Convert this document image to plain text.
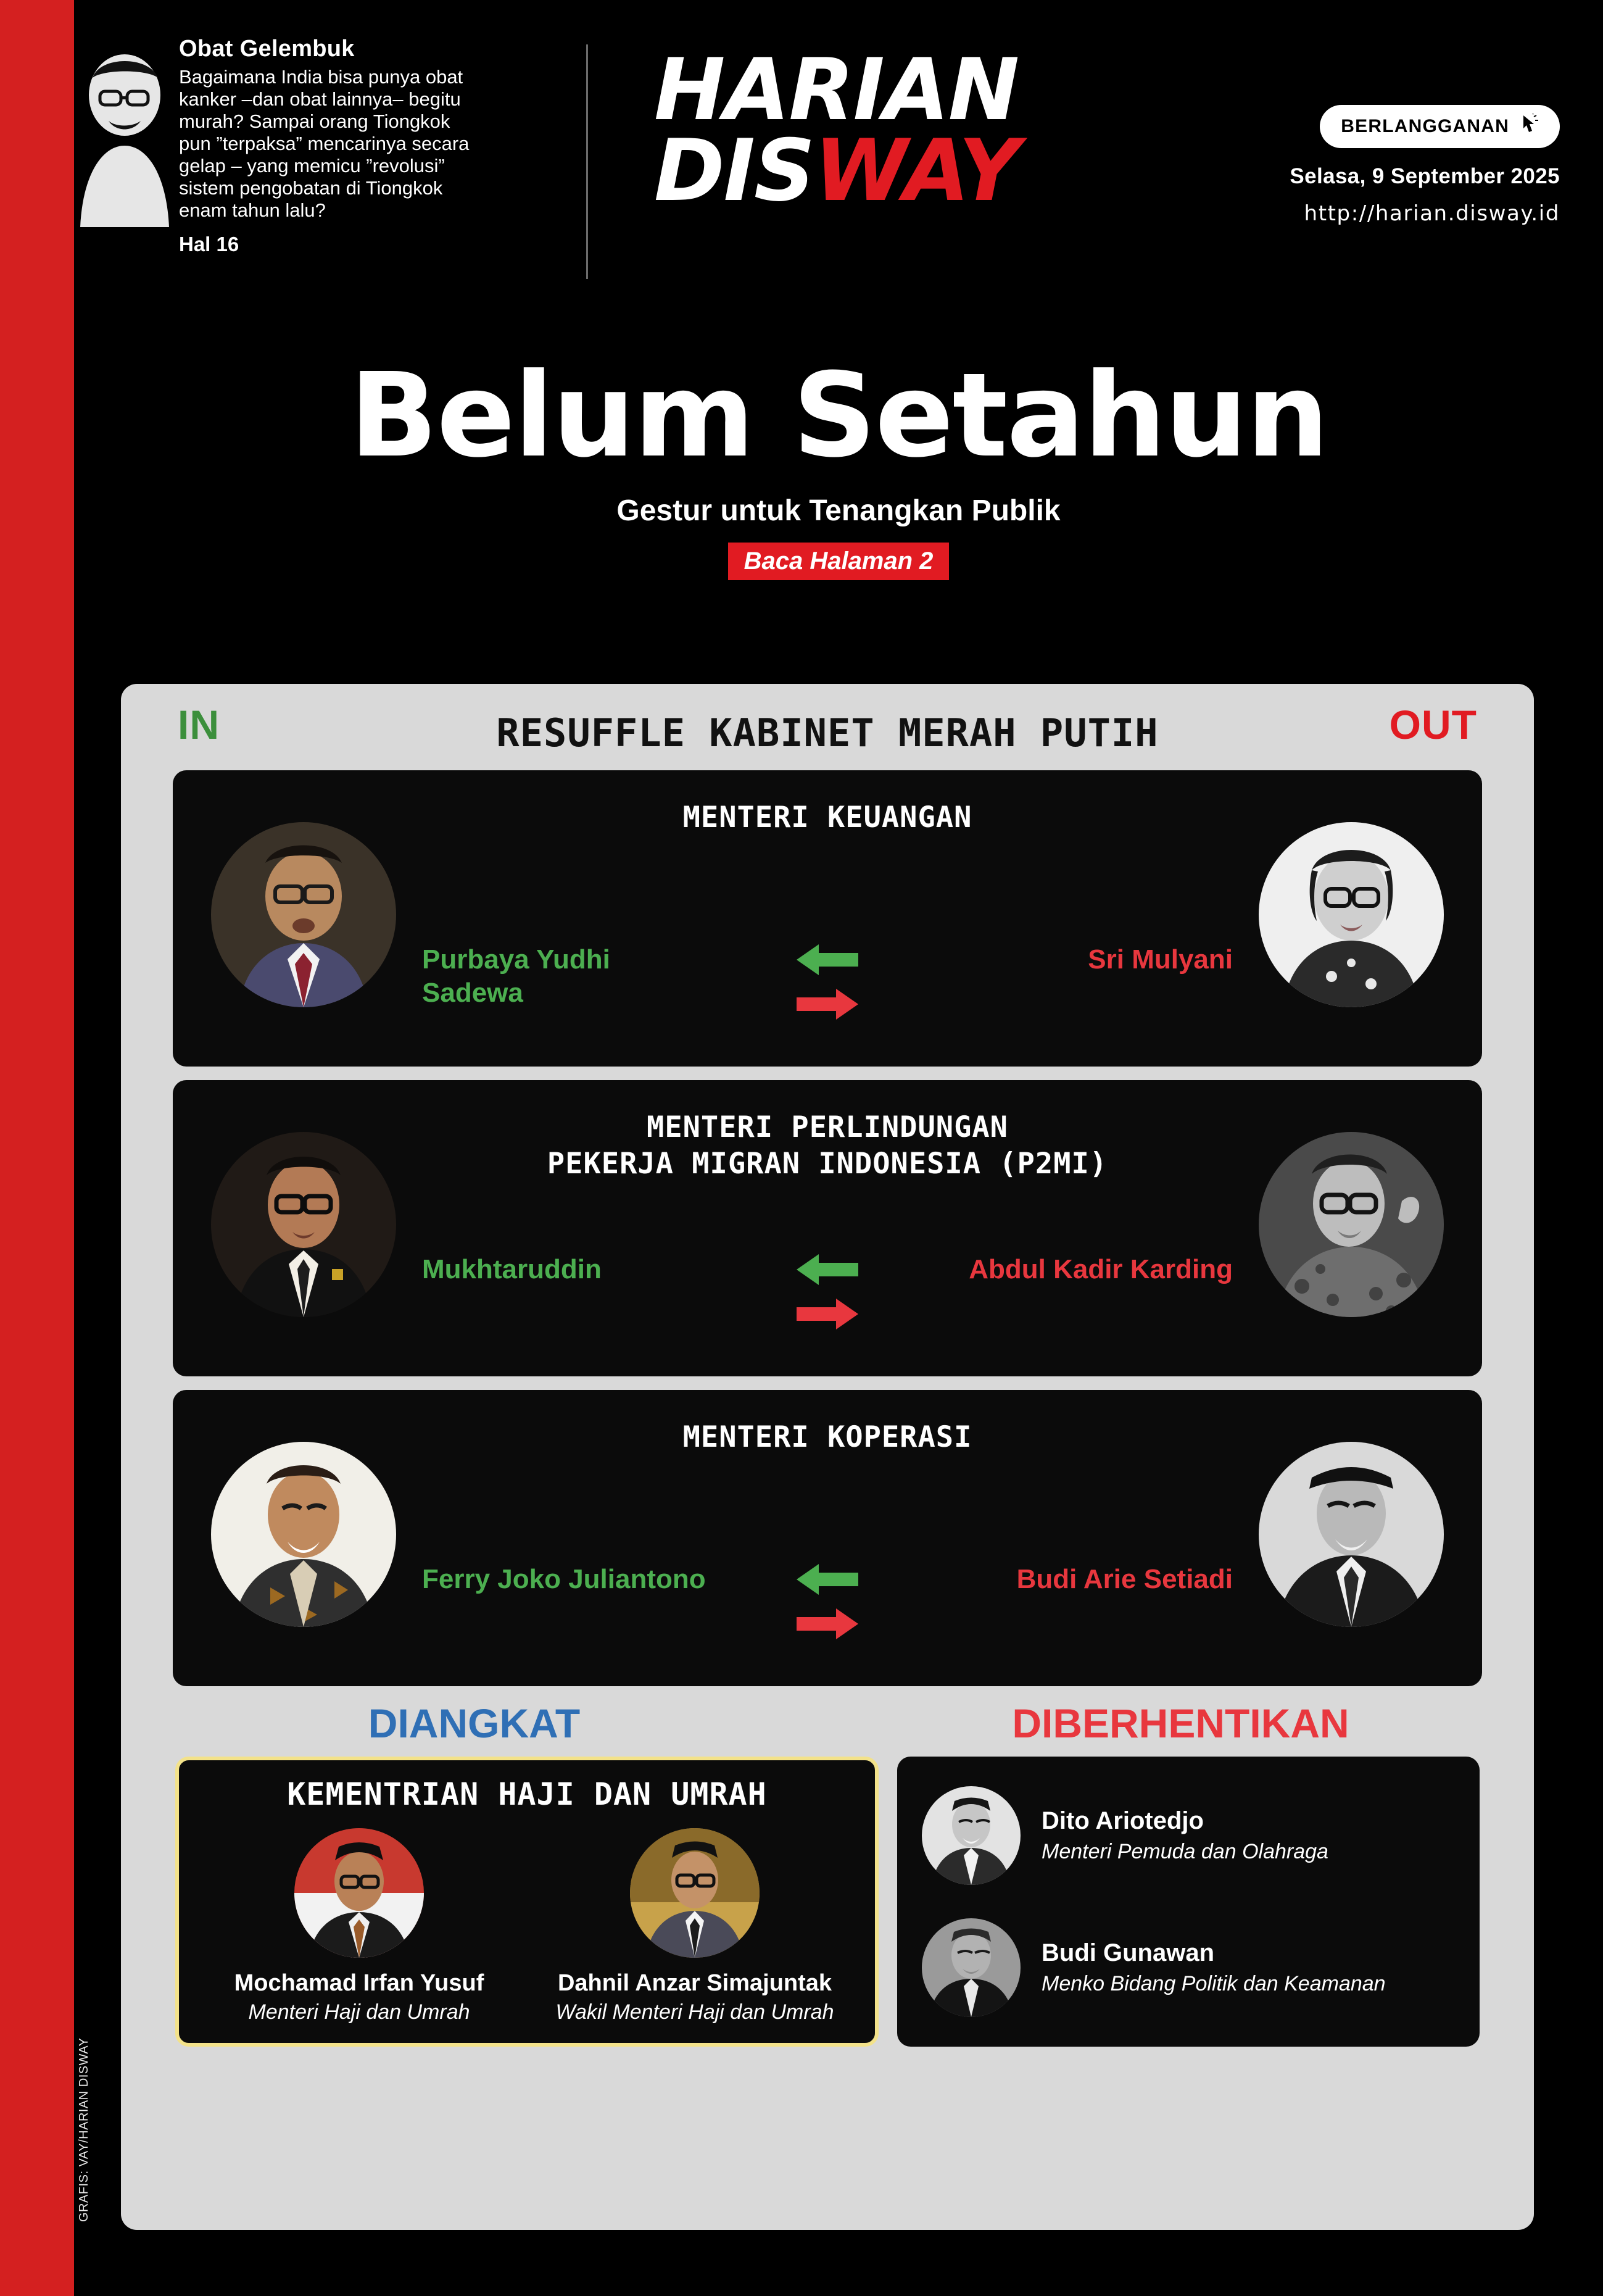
GRAFIS: VAY/HARIAN DISWAY
Obat Gelembuk
Bagaimana India bisa punya obat kanker –dan obat lainnya– begitu murah? Sampai orang Tiongkok pun ”terpaksa” mencarinya secara gelap – yang memicu ”revolusi” sistem pengobatan di Tiongkok enam tahun lalu?
Hal 16
HARIAN
DISWAY	BERLANGGANAN
Selasa, 9 September 2025
http://harian.disway.id
Belum Setahun
Gestur untuk Tenangkan Publik
Baca Halaman 2
IN	RESUFFLE KABINET MERAH PUTIH	OUT
MENTERI KEUANGAN
Purbaya Yudhi Sadewa
Sri Mulyani
MENTERI PERLINDUNGAN
PEKERJA MIGRAN INDONESIA (P2MI)
Mukhtaruddin	Abdul Kadir Karding
MENTERI KOPERASI
Ferry Joko Juliantono	Budi Arie Setiadi
DIANGKAT	DIBERHENTIKAN
KEMENTRIAN HAJI DAN UMRAH
Mochamad Irfan Yusuf
Menteri Haji dan Umrah
Dahnil Anzar Simajuntak
Wakil Menteri Haji dan Umrah
Dito Ariotedjo
Menteri Pemuda dan Olahraga
Budi Gunawan
Menko Bidang Politik dan Keamanan
